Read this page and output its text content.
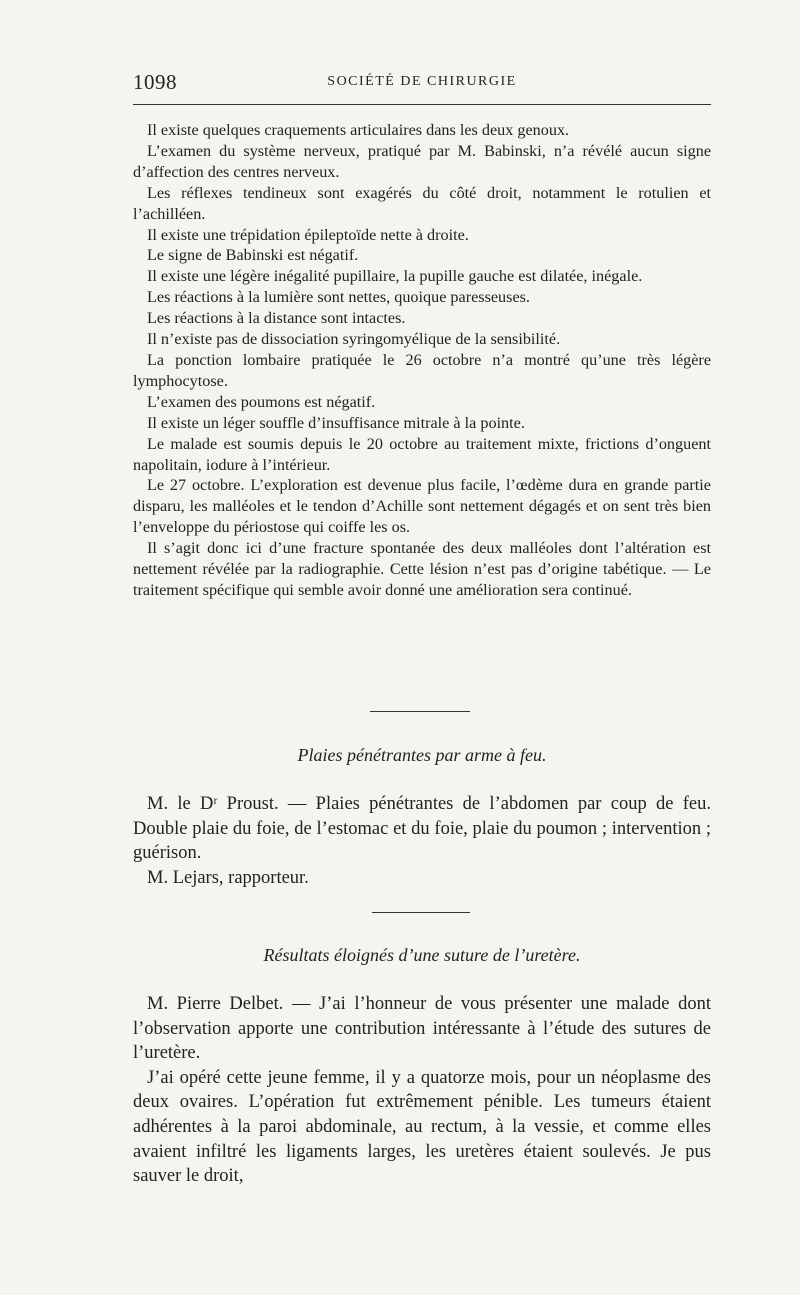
1098	SOCIÉTÉ DE CHIRURGIE

Il existe quelques craquements articulaires dans les deux genoux.

L’examen du système nerveux, pratiqué par M. Babinski, n’a révélé aucun signe d’affection des centres nerveux.

Les réflexes tendineux sont exagérés du côté droit, notamment le rotulien et l’achilléen.

Il existe une trépidation épileptoïde nette à droite.

Le signe de Babinski est négatif.

Il existe une légère inégalité pupillaire, la pupille gauche est dilatée, inégale.

Les réactions à la lumière sont nettes, quoique paresseuses.

Les réactions à la distance sont intactes.

Il n’existe pas de dissociation syringomyélique de la sensibilité.

La ponction lombaire pratiquée le 26 octobre n’a montré qu’une très légère lymphocytose.

L’examen des poumons est négatif.

Il existe un léger souffle d’insuffisance mitrale à la pointe.

Le malade est soumis depuis le 20 octobre au traitement mixte, frictions d’onguent napolitain, iodure à l’intérieur.

Le 27 octobre. L’exploration est devenue plus facile, l’œdème dura en grande partie disparu, les malléoles et le tendon d’Achille sont nettement dégagés et on sent très bien l’enveloppe du périostose qui coiffe les os.

Il s’agit donc ici d’une fracture spontanée des deux malléoles dont l’altération est nettement révélée par la radiographie. Cette lésion n’est pas d’origine tabétique. — Le traitement spécifique qui semble avoir donné une amélioration sera continué.

Plaies pénétrantes par arme à feu.

M. le Dʳ Proust. — Plaies pénétrantes de l’abdomen par coup de feu. Double plaie du foie, de l’estomac et du foie, plaie du poumon ; intervention ; guérison.

M. Lejars, rapporteur.

Résultats éloignés d’une suture de l’uretère.

M. Pierre Delbet. — J’ai l’honneur de vous présenter une malade dont l’observation apporte une contribution intéressante à l’étude des sutures de l’uretère.

J’ai opéré cette jeune femme, il y a quatorze mois, pour un néoplasme des deux ovaires. L’opération fut extrêmement pénible. Les tumeurs étaient adhérentes à la paroi abdominale, au rectum, à la vessie, et comme elles avaient infiltré les ligaments larges, les uretères étaient soulevés. Je pus sauver le droit,
